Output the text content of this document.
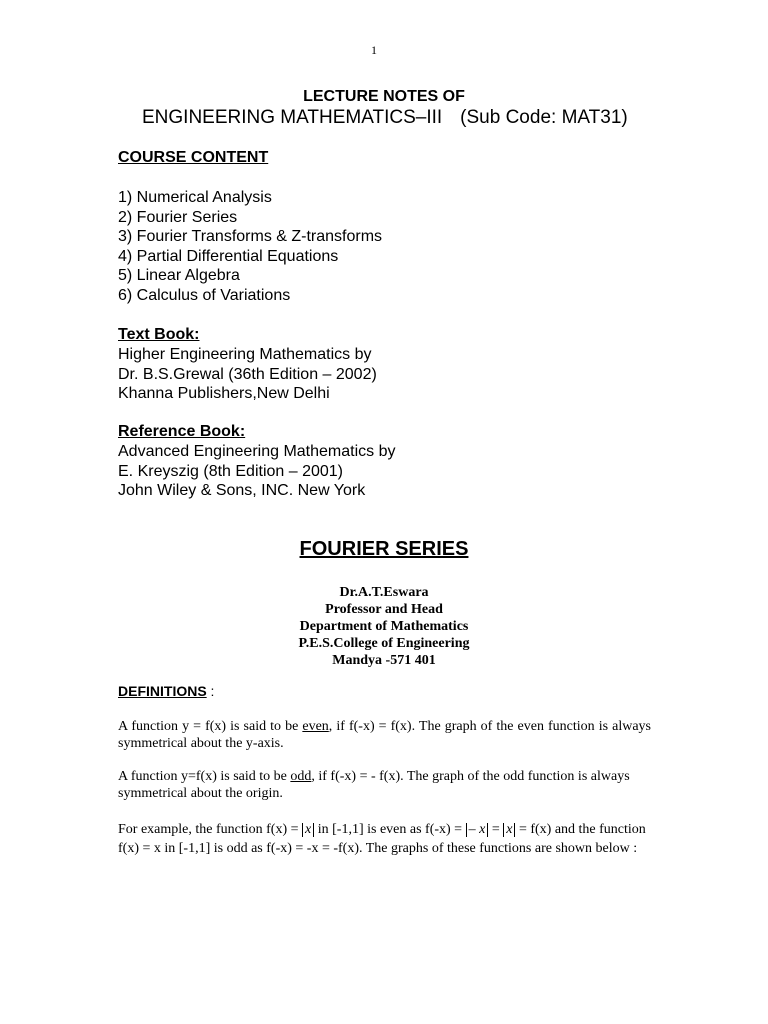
1
LECTURE NOTES OF
ENGINEERING MATHEMATICS–III (Sub Code: MAT31)
COURSE CONTENT
1) Numerical Analysis
2) Fourier Series
3) Fourier Transforms & Z-transforms
4) Partial Differential Equations
5) Linear Algebra
6) Calculus of Variations
Text Book:
Higher Engineering Mathematics by
Dr. B.S.Grewal (36th Edition – 2002)
Khanna Publishers,New Delhi
Reference Book:
Advanced Engineering Mathematics by
E. Kreyszig (8th Edition – 2001)
John Wiley & Sons, INC. New York
FOURIER SERIES
Dr.A.T.Eswara
Professor and Head
Department of Mathematics
P.E.S.College of Engineering
Mandya -571 401
DEFINITIONS :
A function y = f(x) is said to be even, if f(-x) = f(x). The graph of the even function is always symmetrical about the y-axis.
A function y=f(x) is said to be odd, if f(-x) = - f(x). The graph of the odd function is always symmetrical about the origin.
For example, the function f(x) = x in [-1,1] is even as f(-x) = – x = x = f(x) and the function f(x) = x in [-1,1] is odd as f(-x) = -x = -f(x). The graphs of these functions are shown below :
